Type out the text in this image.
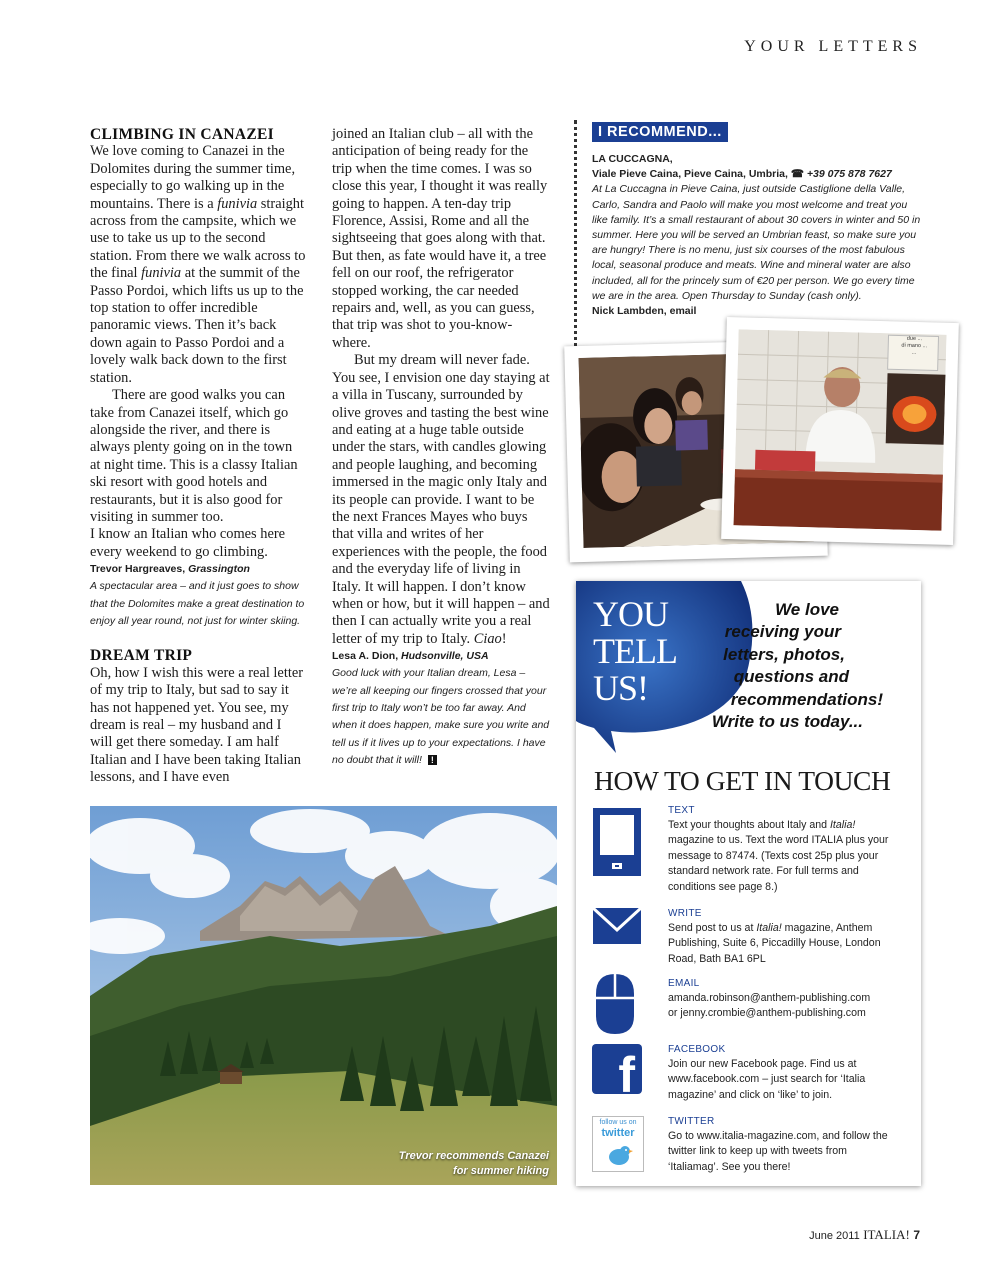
YOUR LETTERS
CLIMBING IN CANAZEI

We love coming to Canazei in the Dolomites during the summer time, especially to go walking up in the mountains. There is a funivia straight across from the campsite, which we use to take us up to the second station. From there we walk across to the final funivia at the summit of the Passo Pordoi, which lifts us up to the top station to offer incredible panoramic views. Then it’s back down again to Passo Pordoi and a lovely walk back down to the first station.

There are good walks you can take from Canazei itself, which go alongside the river, and there is always plenty going on in the town at night time. This is a classy Italian ski resort with good hotels and restaurants, but it is also good for visiting in summer too.

I know an Italian who comes here every weekend to go climbing.

Trevor Hargreaves, Grassington
A spectacular area – and it just goes to show that the Dolomites make a great destination to enjoy all year round, not just for winter skiing.
DREAM TRIP

Oh, how I wish this were a real letter of my trip to Italy, but sad to say it has not happened yet. You see, my dream is real – my husband and I will get there someday. I am half Italian and I have been taking Italian lessons, and I have even

joined an Italian club – all with the anticipation of being ready for the trip when the time comes. I was so close this year, I thought it was really going to happen. A ten-day trip Florence, Assisi, Rome and all the sightseeing that goes along with that. But then, as fate would have it, a tree fell on our roof, the refrigerator stopped working, the car needed repairs and, well, as you can guess, that trip was shot to you-know-where.

But my dream will never fade. You see, I envision one day staying at a villa in Tuscany, surrounded by olive groves and tasting the best wine and eating at a huge table outside under the stars, with candles glowing and people laughing, and becoming immersed in the magic only Italy and its people can provide. I want to be the next Frances Mayes who buys that villa and writes of her experiences with the people, the food and the everyday life of living in Italy. It will happen. I don’t know when or how, but it will happen – and then I can actually write you a real letter of my trip to Italy. Ciao!

Lesa A. Dion, Hudsonville, USA
Good luck with your Italian dream, Lesa – we’re all keeping our fingers crossed that your first trip to Italy won’t be too far away. And when it does happen, make sure you write and tell us if it lives up to your expectations. I have no doubt that it will! !
Trevor recommends Canazei
for summer hiking
I RECOMMEND...

LA CUCCAGNA,

Viale Pieve Caina, Pieve Caina, Umbria, ☎ +39 075 878 7627

At La Cuccagna in Pieve Caina, just outside Castiglione della Valle, Carlo, Sandra and Paolo will make you most welcome and treat you like family. It’s a small restaurant of about 30 covers in winter and 50 in summer. Here you will be served an Umbrian feast, so make sure you are hungry! There is no menu, just six courses of the most fabulous local, seasonal produce and meats. Wine and mineral water are also included, all for the princely sum of €20 per person. We go every time we are in the area. Open Thursday to Sunday (cash only).

Nick Lambden, email

due ...
di mano ...
...
YOU
TELL
US!
We love
receiving your
letters, photos,
questions and
recommendations!
Write to us today...
HOW TO GET IN TOUCH
TEXT
Text your thoughts about Italy and Italia! magazine to us. Text the word ITALIA plus your message to 87474. (Texts cost 25p plus your standard network rate. For full terms and conditions see page 8.)
WRITE
Send post to us at Italia! magazine, Anthem Publishing, Suite 6, Piccadilly House, London Road, Bath BA1 6PL
EMAIL
amanda.robinson@anthem-publishing.com
or jenny.crombie@anthem-publishing.com
f	FACEBOOK
Join our new Facebook page. Find us at www.facebook.com – just search for ‘Italia magazine’ and click on ‘like’ to join.
follow us on
twitter
TWITTER
Go to www.italia-magazine.com, and follow the twitter link to keep up with tweets from ‘Italiamag’. See you there!
June 2011 ITALIA! 7
